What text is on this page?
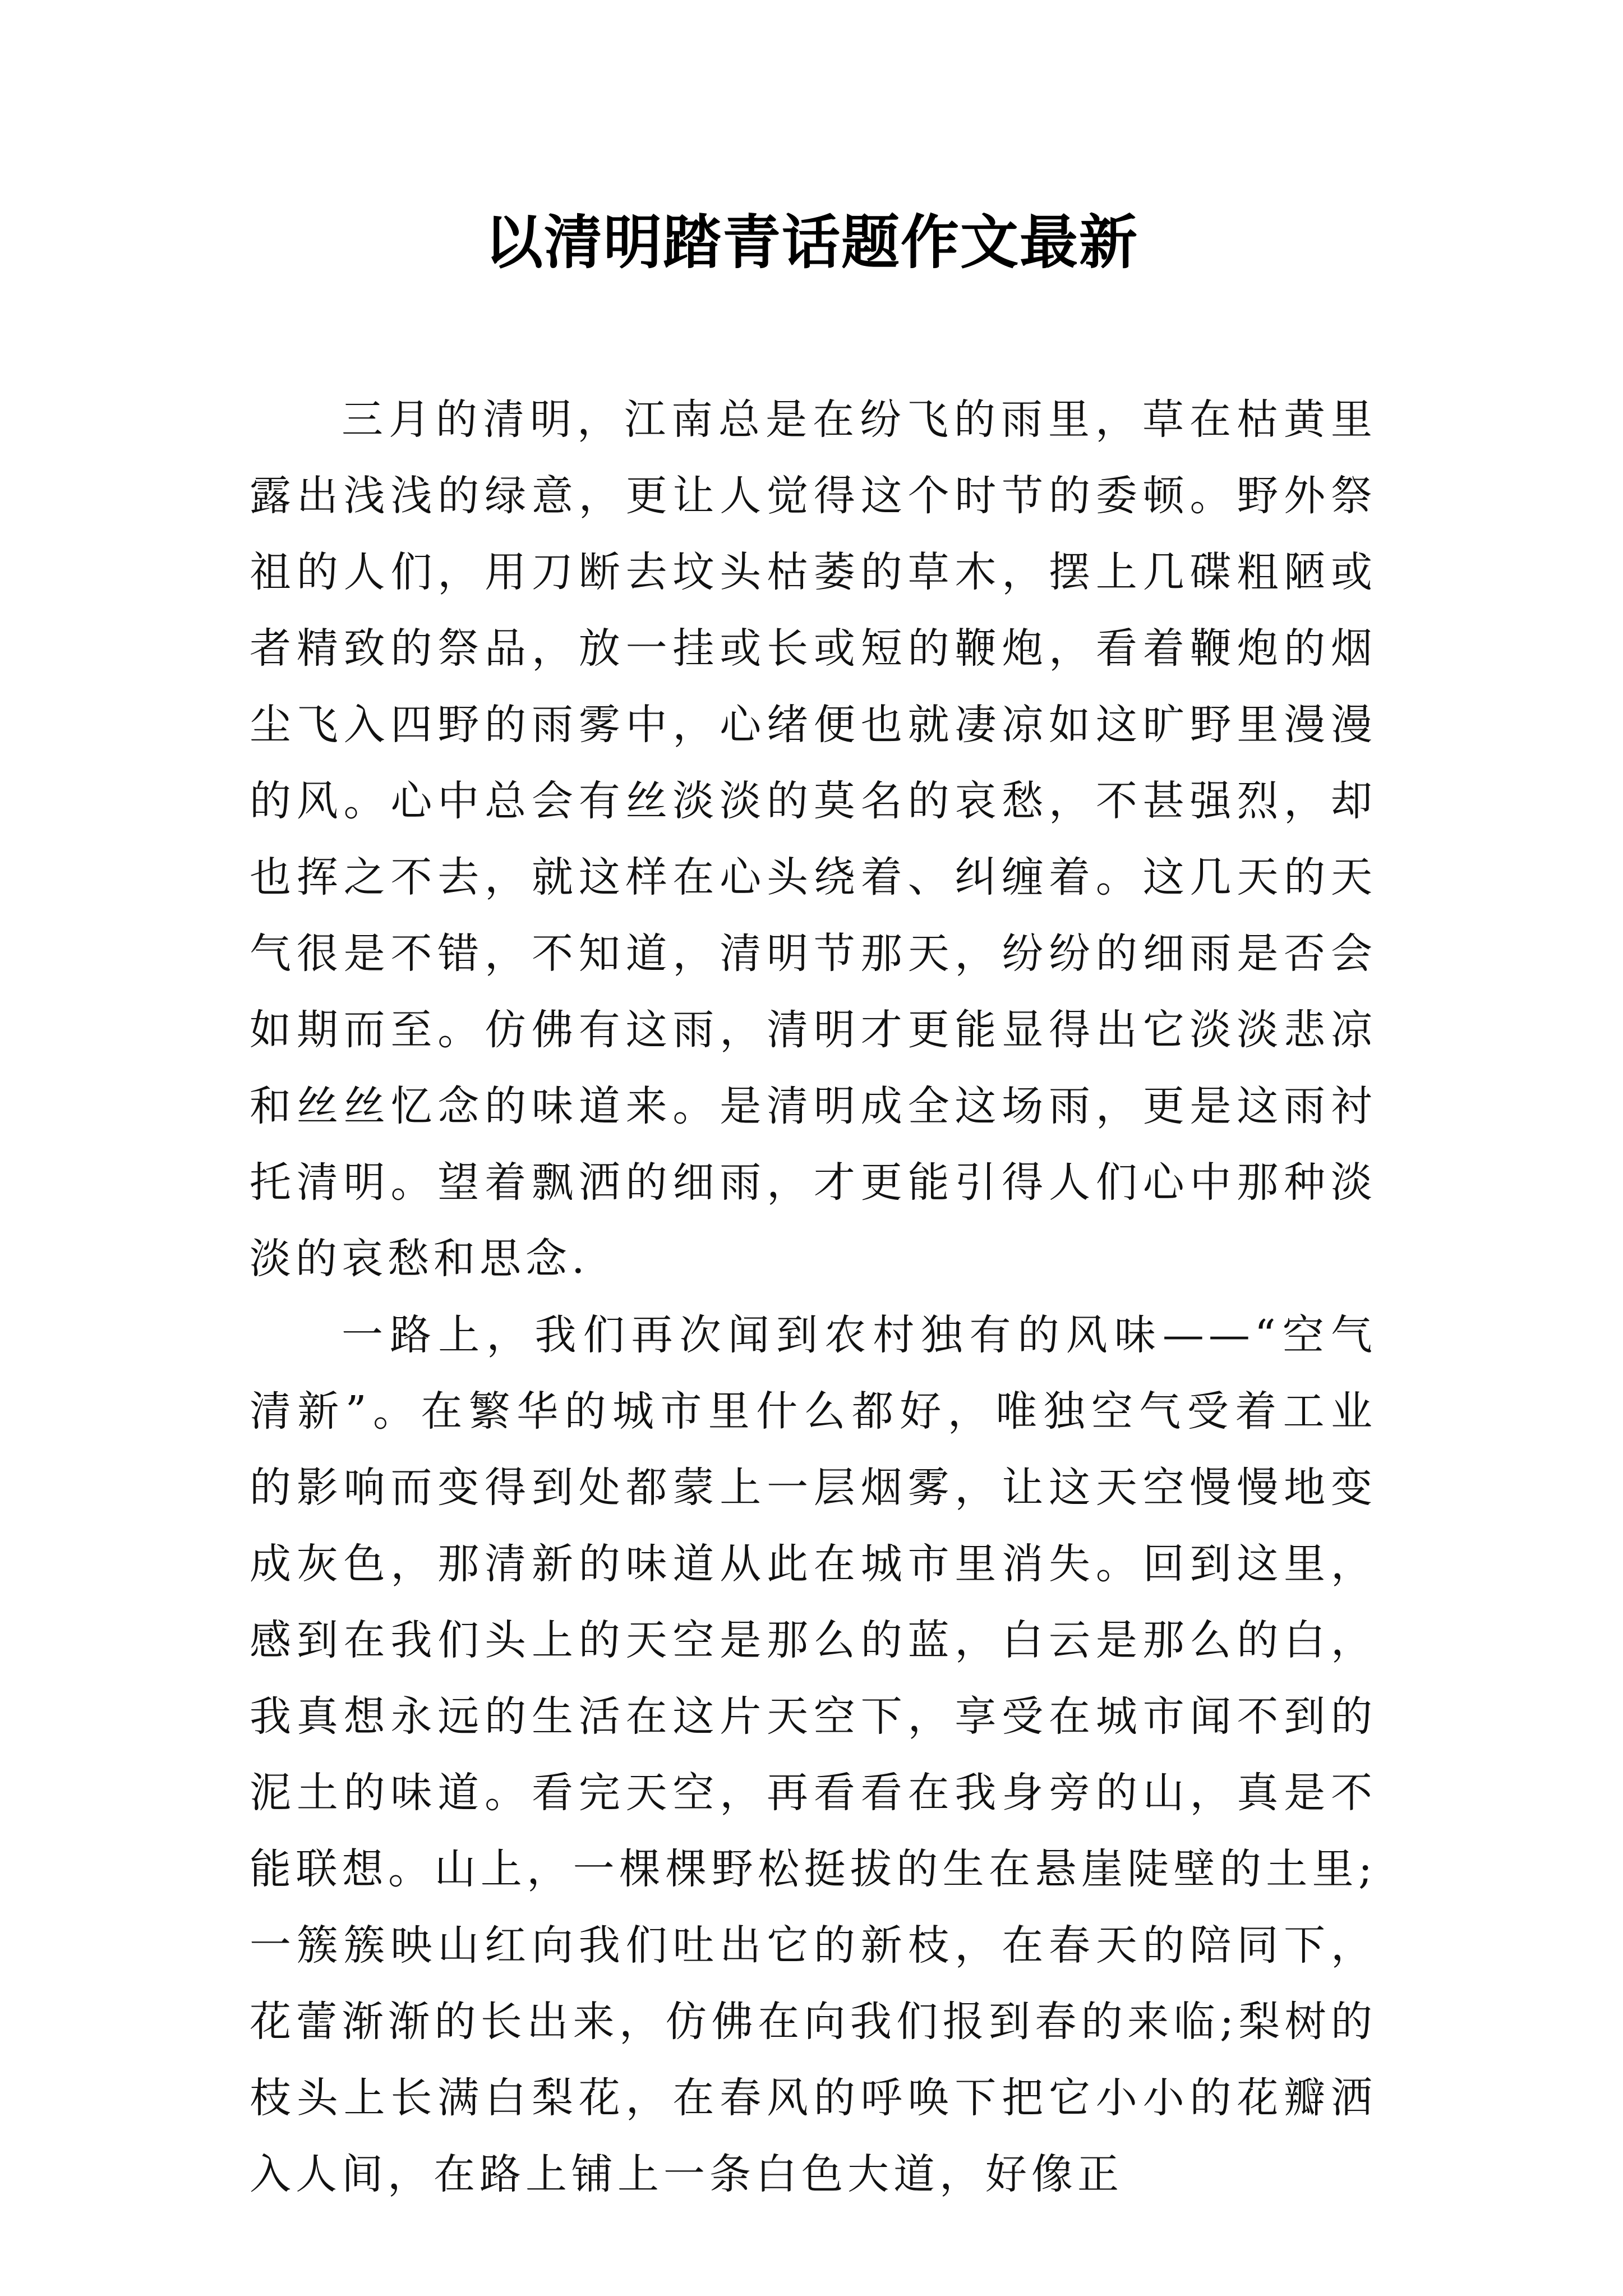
以清明踏青话题作文最新

三月的清明，江南总是在纷飞的雨里，草在枯黄里露出浅浅的绿意，更让人觉得这个时节的委顿。野外祭祖的人们，用刀断去坟头枯萎的草木，摆上几碟粗陋或者精致的祭品，放一挂或长或短的鞭炮，看着鞭炮的烟尘飞入四野的雨雾中，心绪便也就凄凉如这旷野里漫漫的风。心中总会有丝淡淡的莫名的哀愁，不甚强烈，却也挥之不去，就这样在心头绕着、纠缠着。这几天的天气很是不错，不知道，清明节那天，纷纷的细雨是否会如期而至。仿佛有这雨，清明才更能显得出它淡淡悲凉 和丝丝忆念的味道来。是清明成全这场雨，更是这雨衬托清明。望着飘洒的细雨，才更能引得人们心中那种淡淡的哀愁和思念.

一路上，我们再次闻到农村独有的风味——“空气清新”。在繁华的城市里什么都好，唯独空气受着工业的影响而变得到处都蒙上一层烟雾，让这天空慢慢地变成灰色，那清新的味道从此在城市里消失。回到这里，感到在我们头上的天空是那么的蓝，白云是那么的白，我真想永远的生活在这片天空下，享受在城市闻不到的泥土的味道。看完天空，再看看在我身旁的山，真是不能联想。山上，一棵棵野松挺拔的生在悬崖陡壁的土里;一簇簇映山红向我们吐出它的新枝，在春天的陪同下，花蕾渐渐的长出来，仿佛在向我们报到春的来临;梨树的枝头上长满白梨花，在春风的呼唤下把它小小的花瓣洒入人间，在路上铺上一条白色大道，好像正
